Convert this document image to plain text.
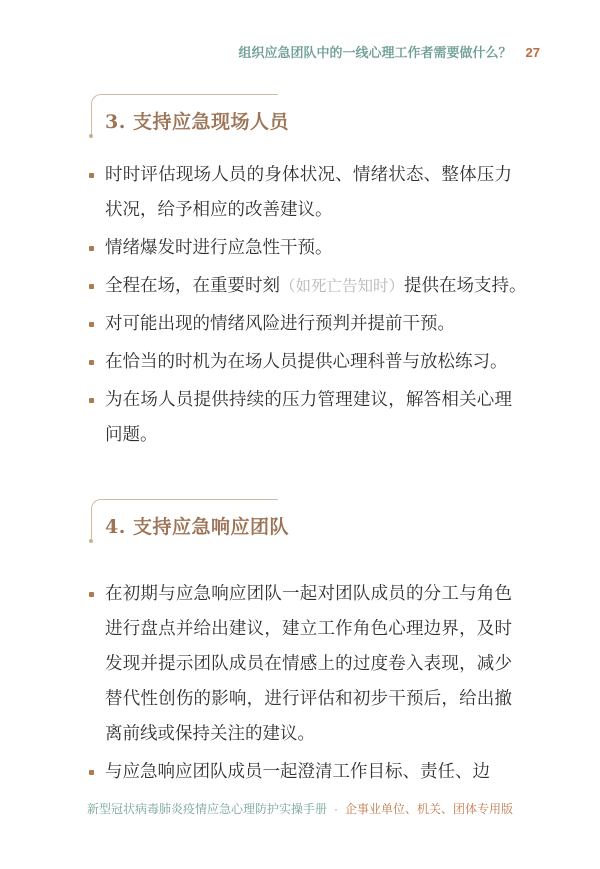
组织应急团队中的一线心理工作者需要做什么？ 27
3. 支持应急现场人员
时时评估现场人员的身体状况、情绪状态、整体压力状况，给予相应的改善建议。
情绪爆发时进行应急性干预。
全程在场，在重要时刻（如死亡告知时）提供在场支持。
对可能出现的情绪风险进行预判并提前干预。
在恰当的时机为在场人员提供心理科普与放松练习。
为在场人员提供持续的压力管理建议，解答相关心理问题。
4. 支持应急响应团队
在初期与应急响应团队一起对团队成员的分工与角色进行盘点并给出建议，建立工作角色心理边界，及时发现并提示团队成员在情感上的过度卷入表现，减少替代性创伤的影响，进行评估和初步干预后，给出撤离前线或保持关注的建议。
与应急响应团队成员一起澄清工作目标、责任、边
新型冠状病毒肺炎疫情应急心理防护实操手册 · 企事业单位、机关、团体专用版
